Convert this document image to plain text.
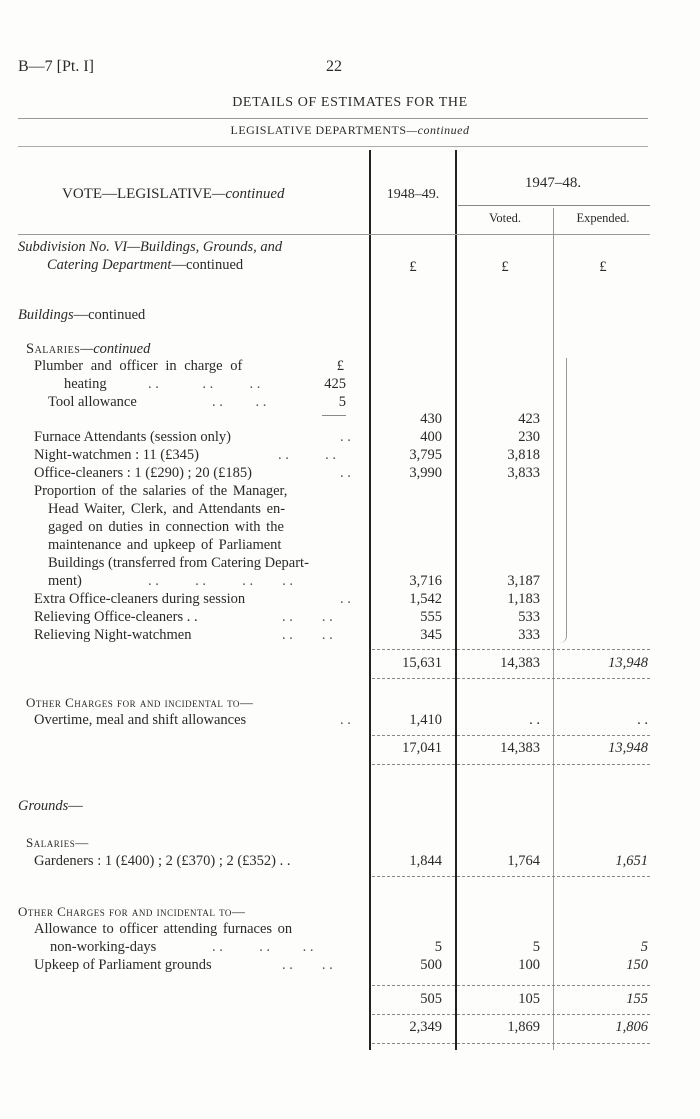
B—7 [Pt. I]	22
DETAILS OF ESTIMATES FOR THE
LEGISLATIVE DEPARTMENTS—continued
VOTE—LEGISLATIVE—continued	1948–49.
1947–48.
Voted.	Expended.
Subdivision No. VI—Buildings, Grounds, and
Catering Department—continued	£	£	£
Buildings—continued
Salaries—continued
Plumber and officer in charge of	£
heating	. .            . .          . .	425
Tool allowance	. .         . .	5
430	423
Furnace Attendants (session only)	. .	400	230
Night-watchmen : 11 (£345)	. .          . .	3,795	3,818
Office-cleaners : 1 (£290) ; 20 (£185)	. .	3,990	3,833
Proportion of the salaries of the Manager,
Head Waiter, Clerk, and Attendants en-
gaged on duties in connection with the
maintenance and upkeep of Parliament
Buildings (transferred from Catering Depart-
ment)	. .          . .          . .        . .	3,716	3,187
Extra Office-cleaners during session	. .	1,542	1,183
Relieving Office-cleaners . .	. .        . .	555	533
Relieving Night-watchmen	. .        . .	345	333
15,631	14,383	13,948
Other Charges for and incidental to—
Overtime, meal and shift allowances	. .	1,410	. .	. .
17,041	14,383	13,948
Grounds—
Salaries—
Gardeners : 1 (£400) ; 2 (£370) ; 2 (£352) . .	1,844	1,764	1,651
Other Charges for and incidental to—
Allowance to officer attending furnaces on
non-working-days	. .          . .         . .	5	5	5
Upkeep of Parliament grounds	. .        . .	500	100	150
505	105	155
2,349	1,869	1,806
